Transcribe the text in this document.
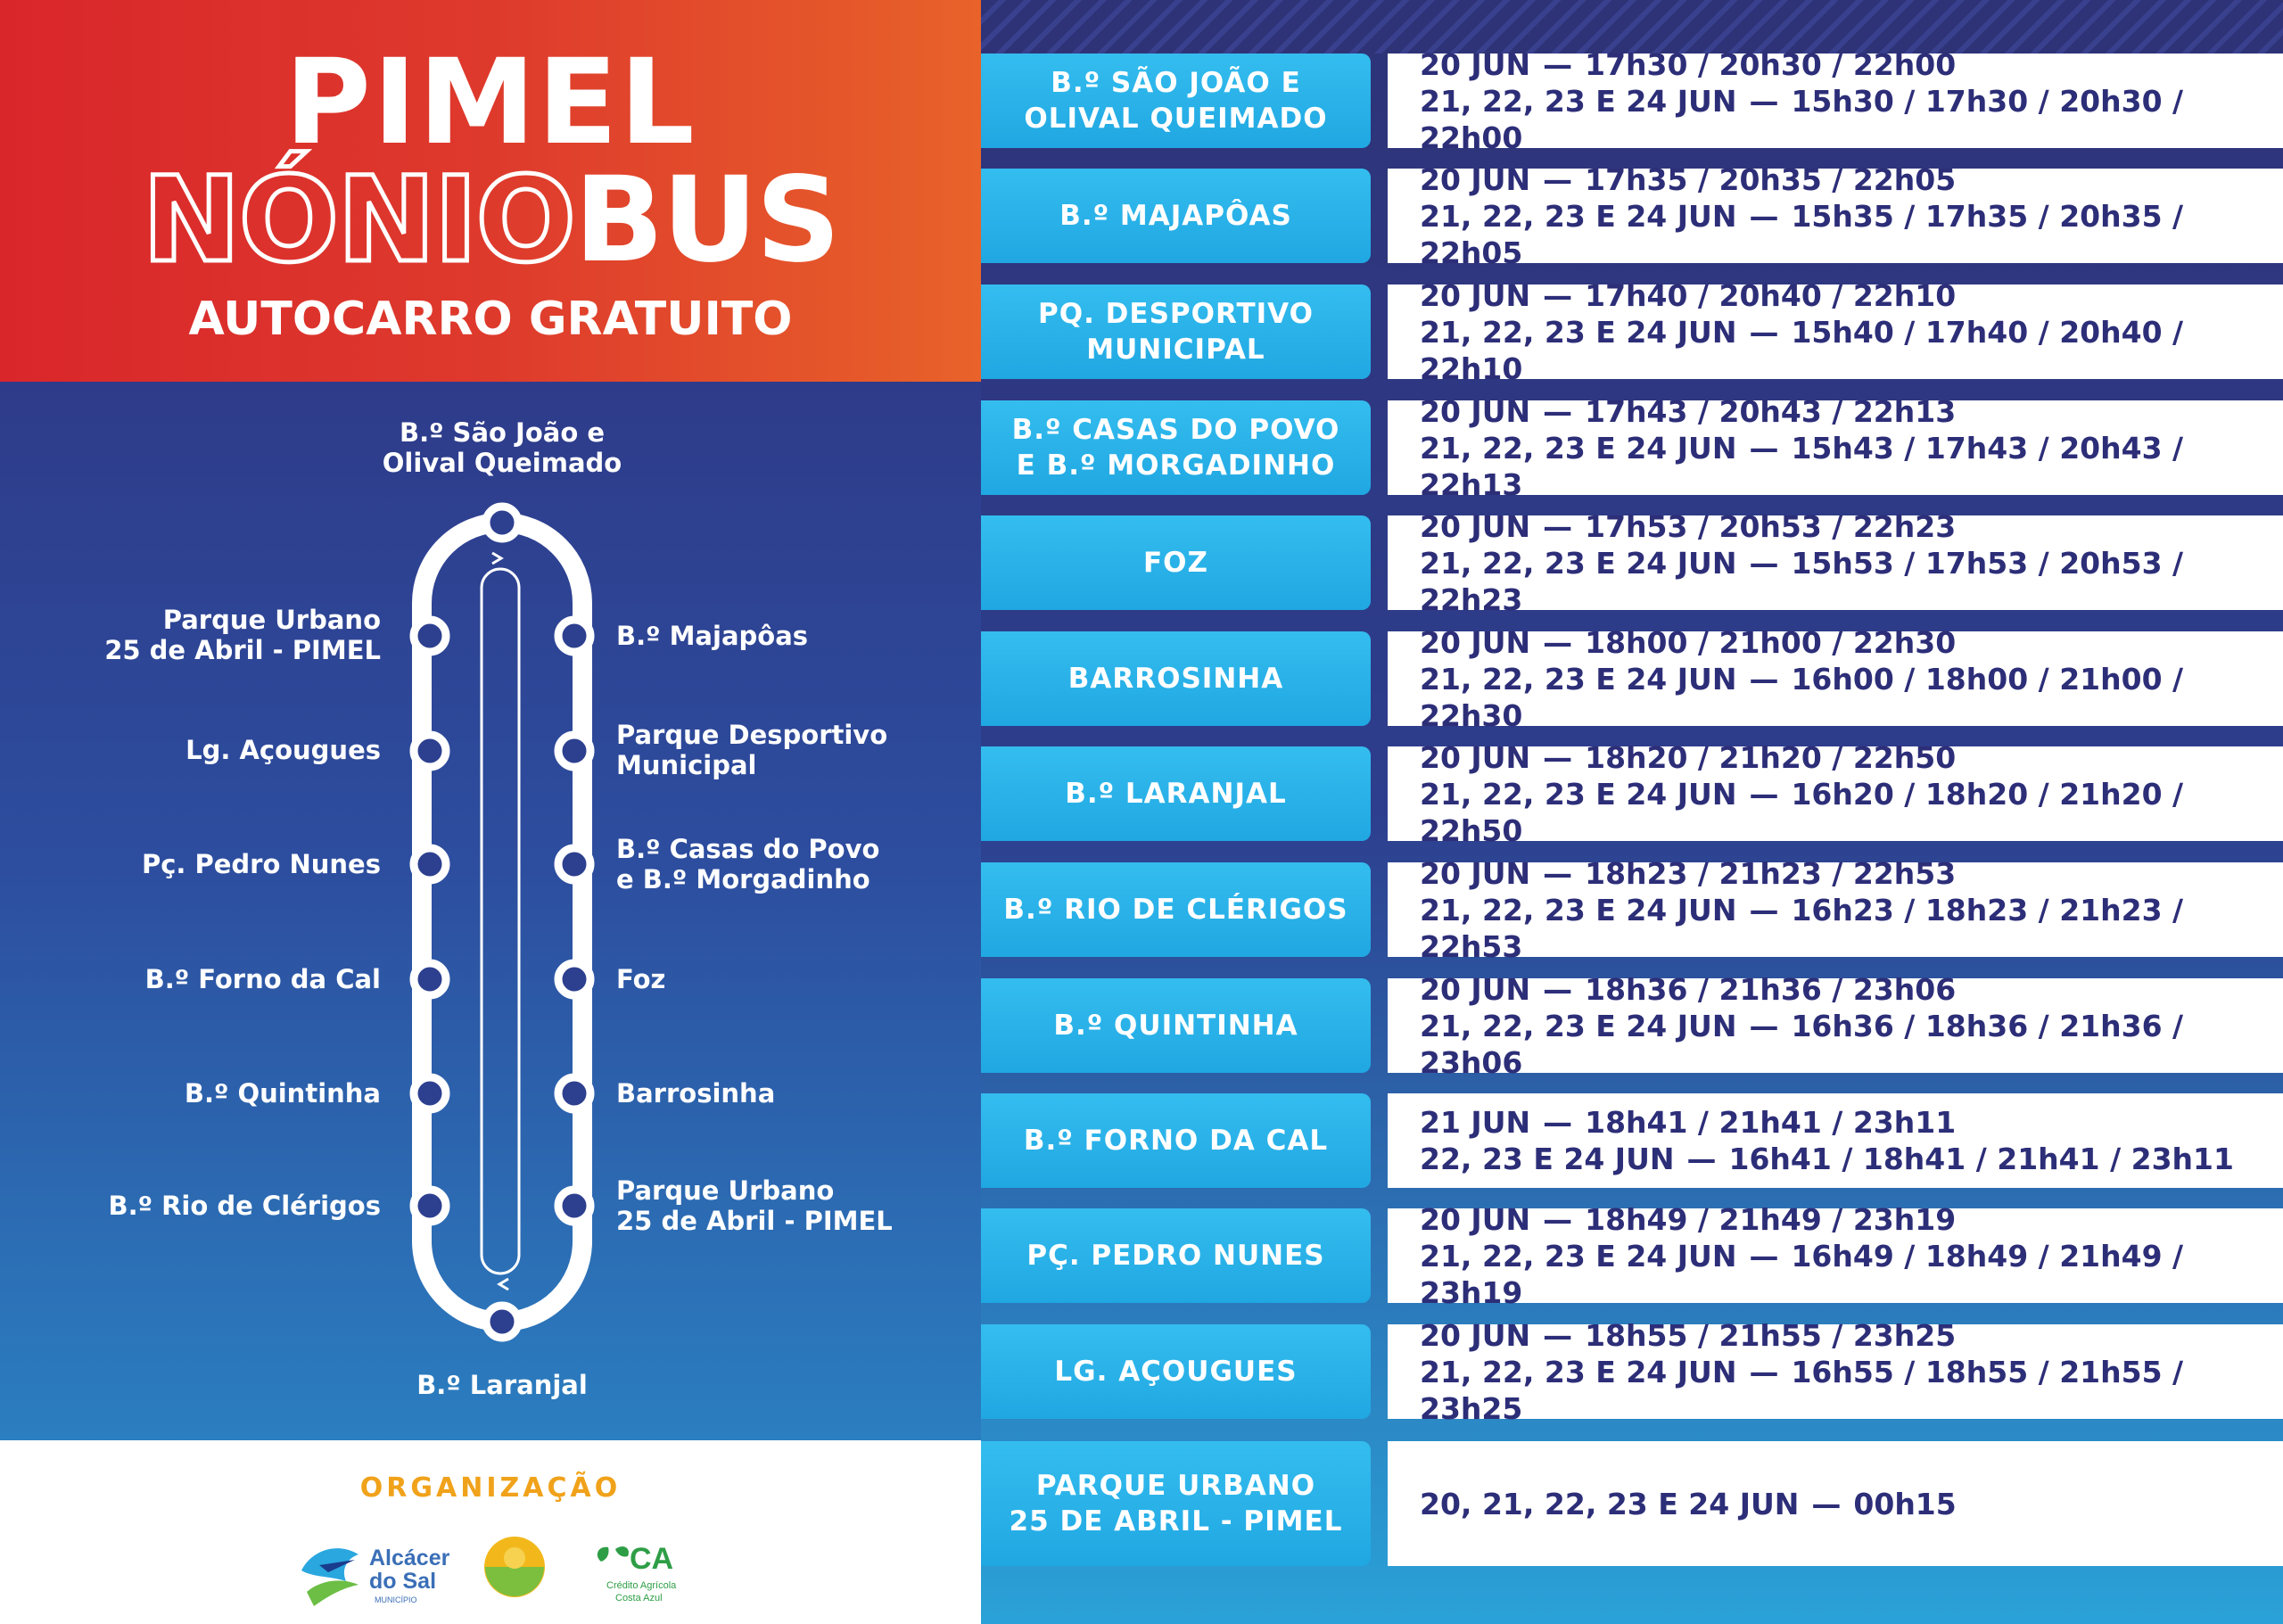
PIMEL
NÓNIOBUS
AUTOCARRO GRATUITO
B.º São João e
Olival Queimado
B.º Laranjal
Parque Urbano
25 de Abril - PIMEL
Lg. Açougues
Pç. Pedro Nunes
B.º Forno da Cal
B.º Quintinha
B.º Rio de Clérigos
B.º Majapôas
Parque Desportivo
Municipal
B.º Casas do Povo
e B.º Morgadinho
Foz
Barrosinha
Parque Urbano
25 de Abril - PIMEL
ORGANIZAÇÃO
Alcácer
do Sal
MUNICÍPIO
CA
Crédito Agrícola
Costa Azul
B.º SÃO JOÃO E
OLIVAL QUEIMADO
20 JUN — 17h30 / 20h30 / 22h00
21, 22, 23 E 24 JUN — 15h30 / 17h30 / 20h30 / 22h00
B.º MAJAPÔAS
20 JUN — 17h35 / 20h35 / 22h05
21, 22, 23 E 24 JUN — 15h35 / 17h35 / 20h35 / 22h05
PQ. DESPORTIVO
MUNICIPAL
20 JUN — 17h40 / 20h40 / 22h10
21, 22, 23 E 24 JUN — 15h40 / 17h40 / 20h40 / 22h10
B.º CASAS DO POVO
E B.º MORGADINHO
20 JUN — 17h43 / 20h43 / 22h13
21, 22, 23 E 24 JUN — 15h43 / 17h43 / 20h43 / 22h13
FOZ
20 JUN — 17h53 / 20h53 / 22h23
21, 22, 23 E 24 JUN — 15h53 / 17h53 / 20h53 / 22h23
BARROSINHA
20 JUN — 18h00 / 21h00 / 22h30
21, 22, 23 E 24 JUN — 16h00 / 18h00 / 21h00 / 22h30
B.º LARANJAL
20 JUN — 18h20 / 21h20 / 22h50
21, 22, 23 E 24 JUN — 16h20 / 18h20 / 21h20 / 22h50
B.º RIO DE CLÉRIGOS
20 JUN — 18h23 / 21h23 / 22h53
21, 22, 23 E 24 JUN — 16h23 / 18h23 / 21h23 / 22h53
B.º QUINTINHA
20 JUN — 18h36 / 21h36 / 23h06
21, 22, 23 E 24 JUN — 16h36 / 18h36 / 21h36 / 23h06
B.º FORNO DA CAL
21 JUN — 18h41 / 21h41 / 23h11
22, 23 E 24 JUN — 16h41 / 18h41 / 21h41 / 23h11
PÇ. PEDRO NUNES
20 JUN — 18h49 / 21h49 / 23h19
21, 22, 23 E 24 JUN — 16h49 / 18h49 / 21h49 / 23h19
LG. AÇOUGUES
20 JUN — 18h55 / 21h55 / 23h25
21, 22, 23 E 24 JUN — 16h55 / 18h55 / 21h55 / 23h25
PARQUE URBANO
25 DE ABRIL - PIMEL
20, 21, 22, 23 E 24 JUN — 00h15
